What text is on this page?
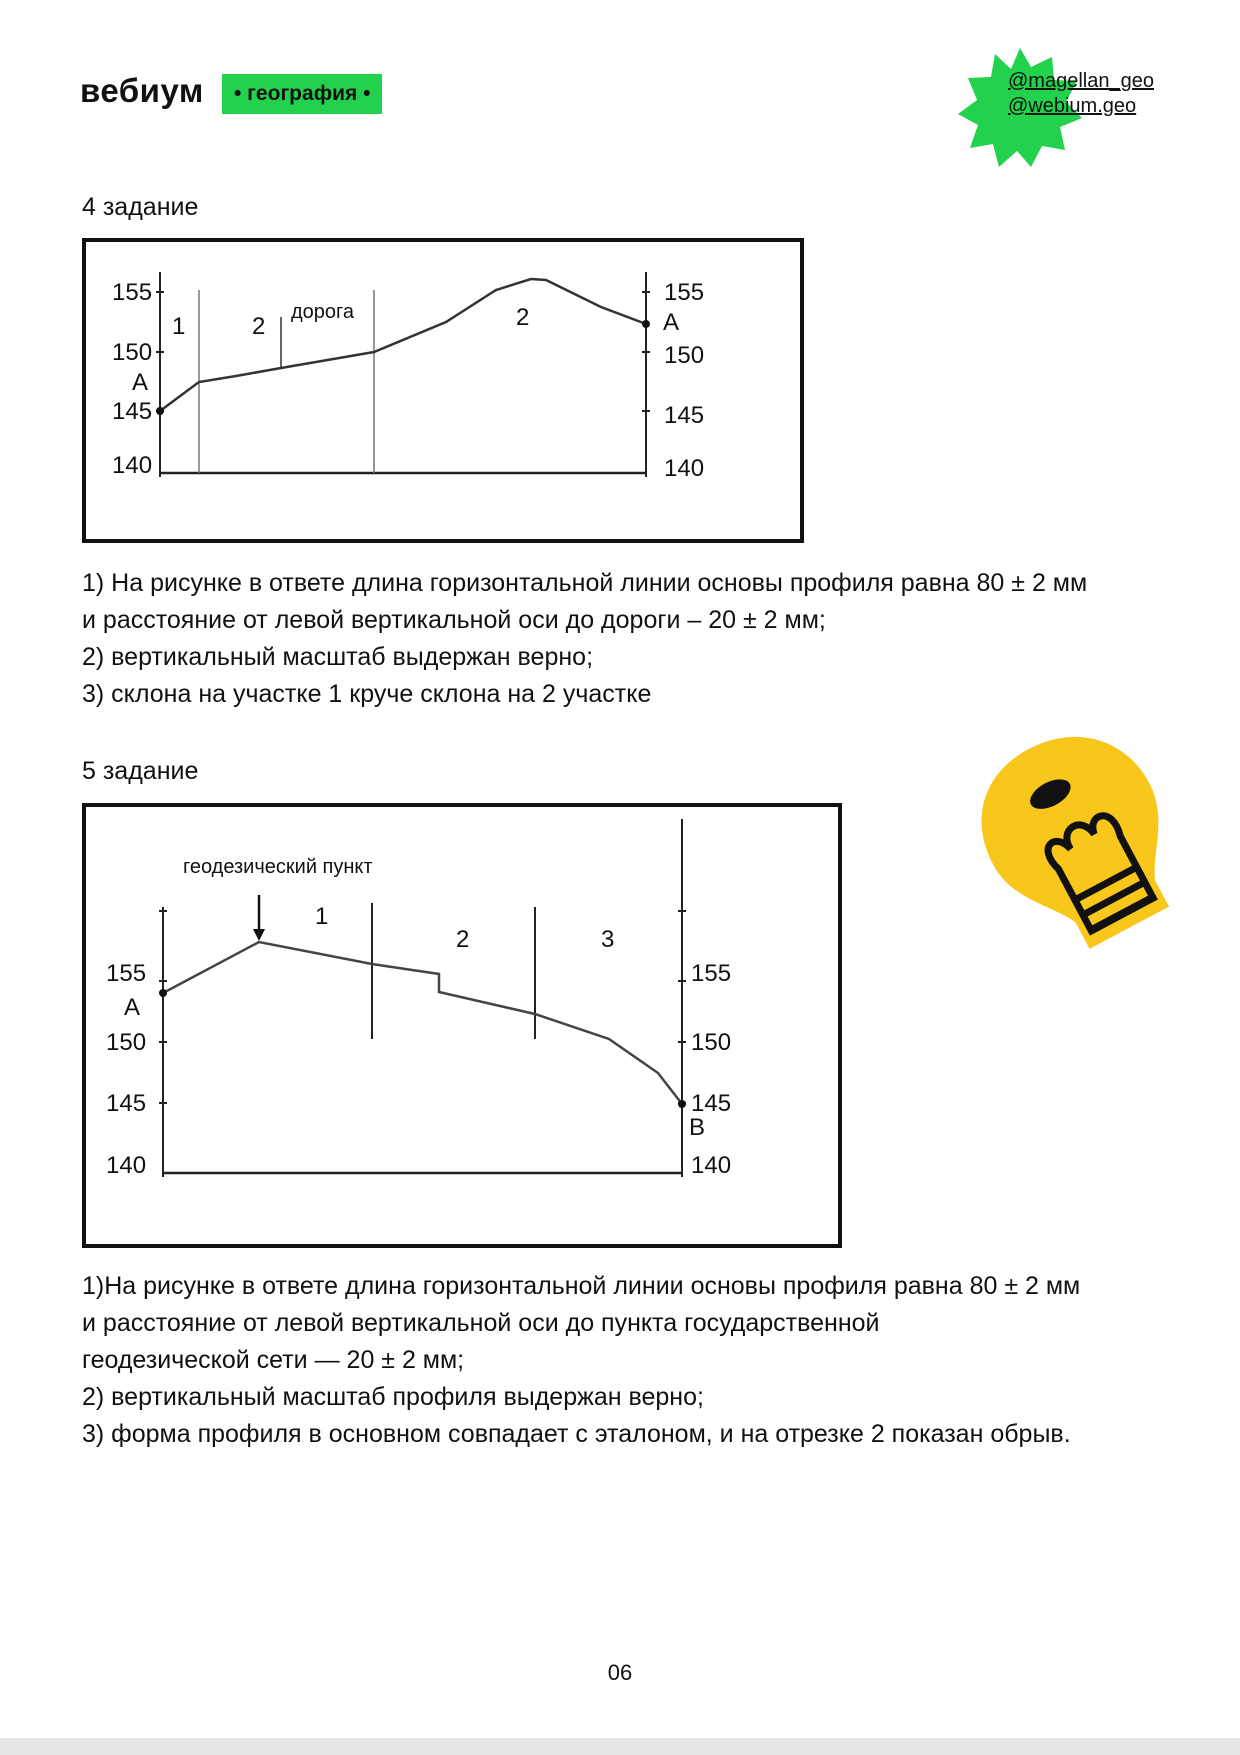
вебиум	• география •
@magellan_geo
@webium.geo
4 задание
155
150
145
140
А
155
150
145
140
А
1	2	2
дорога
1) На рисунке в ответе длина горизонтальной линии основы профиля равна 80 ± 2 мм
и расстояние от левой вертикальной оси до дороги – 20 ± 2 мм;
2) вертикальный масштаб выдержан верно;
3) склона на участке 1 круче склона на 2 участке
5 задание
155
150
145
140
А
155
150
145
140
В
1
2	3
геодезический пункт
1)На рисунке в ответе длина горизонтальной линии основы профиля равна 80 ± 2 мм
и расстояние от левой вертикальной оси до пункта государственной
геодезической сети — 20 ± 2 мм;
2) вертикальный масштаб профиля выдержан верно;
3) форма профиля в основном совпадает с эталоном, и на отрезке 2 показан обрыв.
06
